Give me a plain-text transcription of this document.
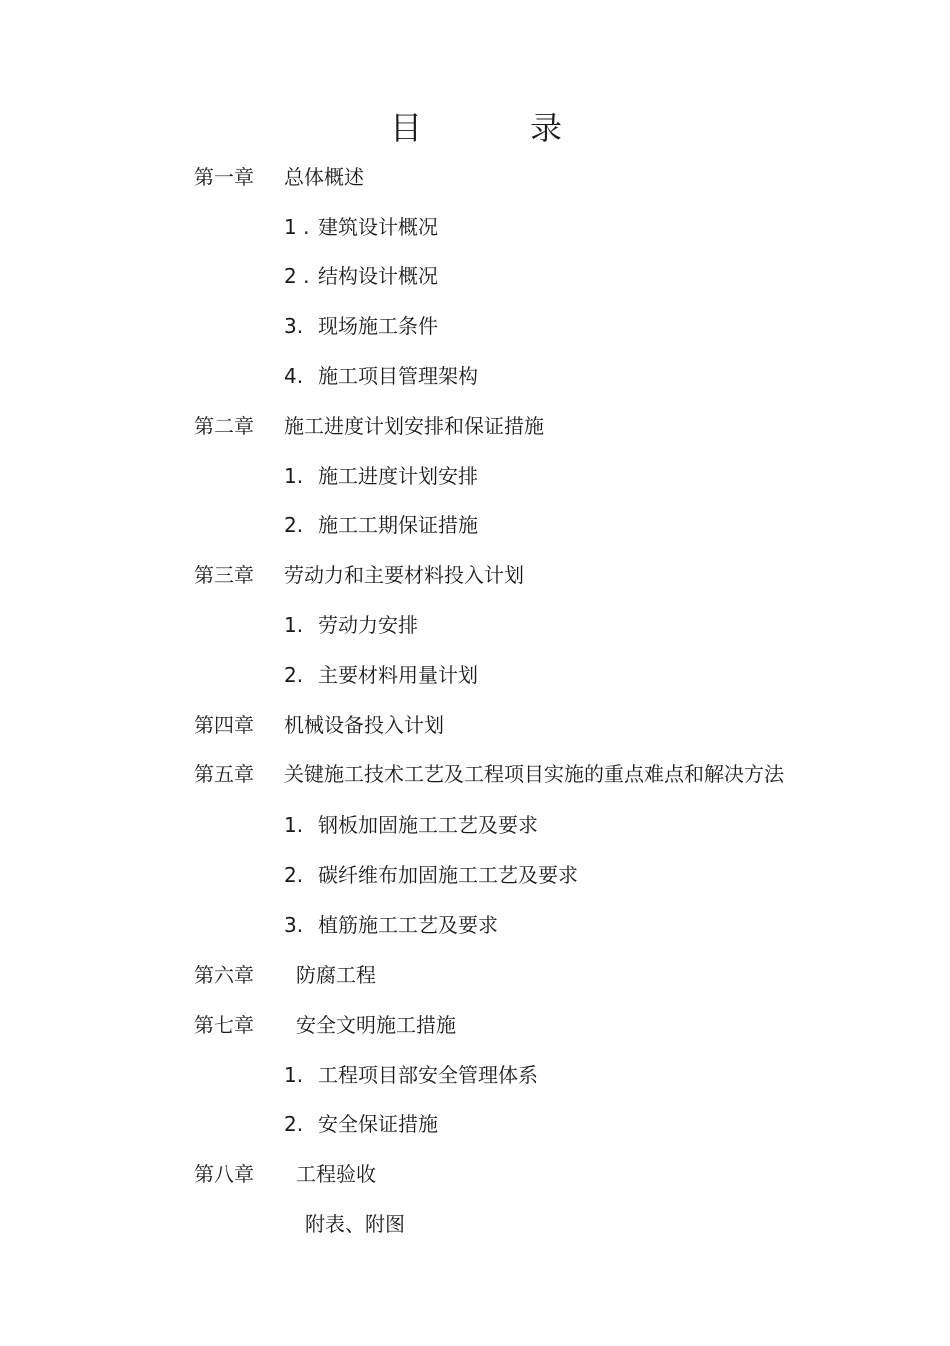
目	录
第一章 总体概述
1 . 建筑设计概况
2 . 结构设计概况
3. 现场施工条件
4. 施工项目管理架构
第二章 施工进度计划安排和保证措施
1. 施工进度计划安排
2. 施工工期保证措施
第三章 劳动力和主要材料投入计划
1. 劳动力安排
2. 主要材料用量计划
第四章 机械设备投入计划
第五章 关键施工技术工艺及工程项目实施的重点难点和解决方法
1. 钢板加固施工工艺及要求
2. 碳纤维布加固施工工艺及要求
3. 植筋施工工艺及要求
第六章 防腐工程
第七章 安全文明施工措施
1. 工程项目部安全管理体系
2. 安全保证措施
第八章 工程验收
附表、附图
